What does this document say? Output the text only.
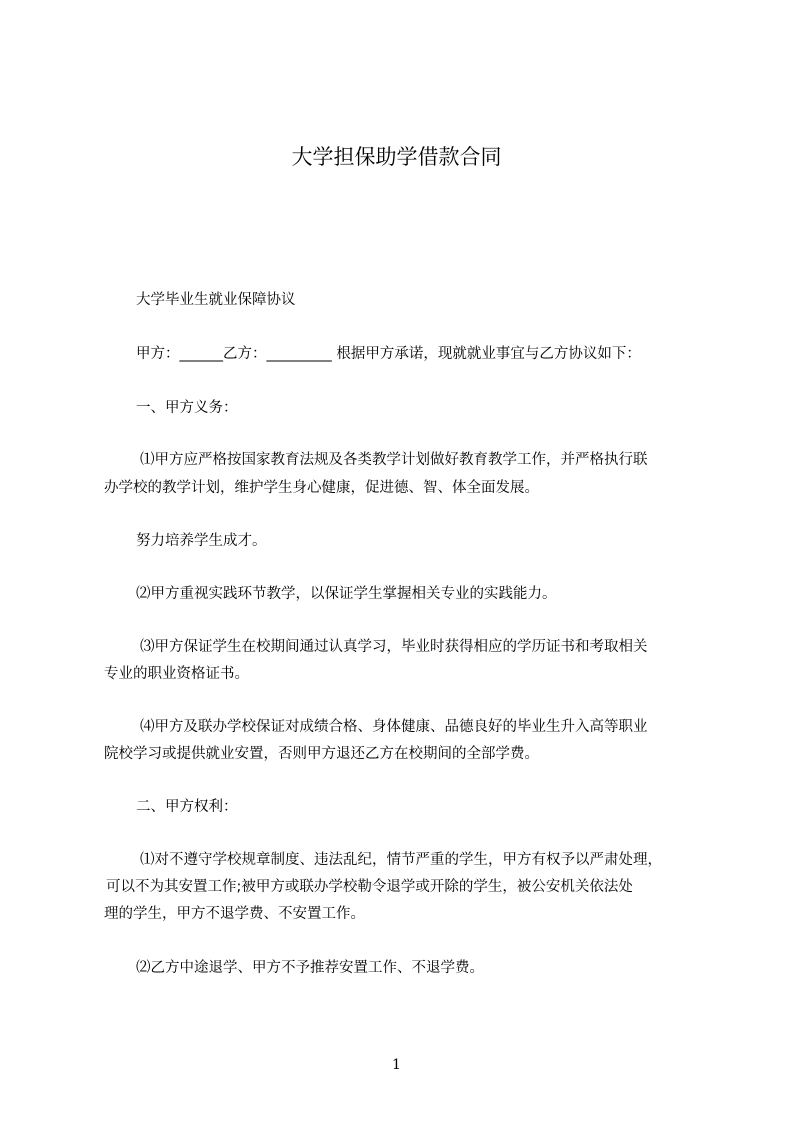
大学担保助学借款合同

大学毕业生就业保障协议

甲方：______乙方：_________ 根据甲方承诺，现就就业事宜与乙方协议如下：

一、甲方义务：

⑴甲方应严格按国家教育法规及各类教学计划做好教育教学工作，并严格执行联

办学校的教学计划，维护学生身心健康，促进德、智、体全面发展。

努力培养学生成才。

⑵甲方重视实践环节教学，以保证学生掌握相关专业的实践能力。

⑶甲方保证学生在校期间通过认真学习，毕业时获得相应的学历证书和考取相关

专业的职业资格证书。

⑷甲方及联办学校保证对成绩合格、身体健康、品德良好的毕业生升入高等职业

院校学习或提供就业安置，否则甲方退还乙方在校期间的全部学费。

二、甲方权利：

⑴对不遵守学校规章制度、违法乱纪，情节严重的学生，甲方有权予以严肃处理，

可以不为其安置工作;被甲方或联办学校勒令退学或开除的学生，被公安机关依法处

理的学生，甲方不退学费、不安置工作。

⑵乙方中途退学、甲方不予推荐安置工作、不退学费。

1
